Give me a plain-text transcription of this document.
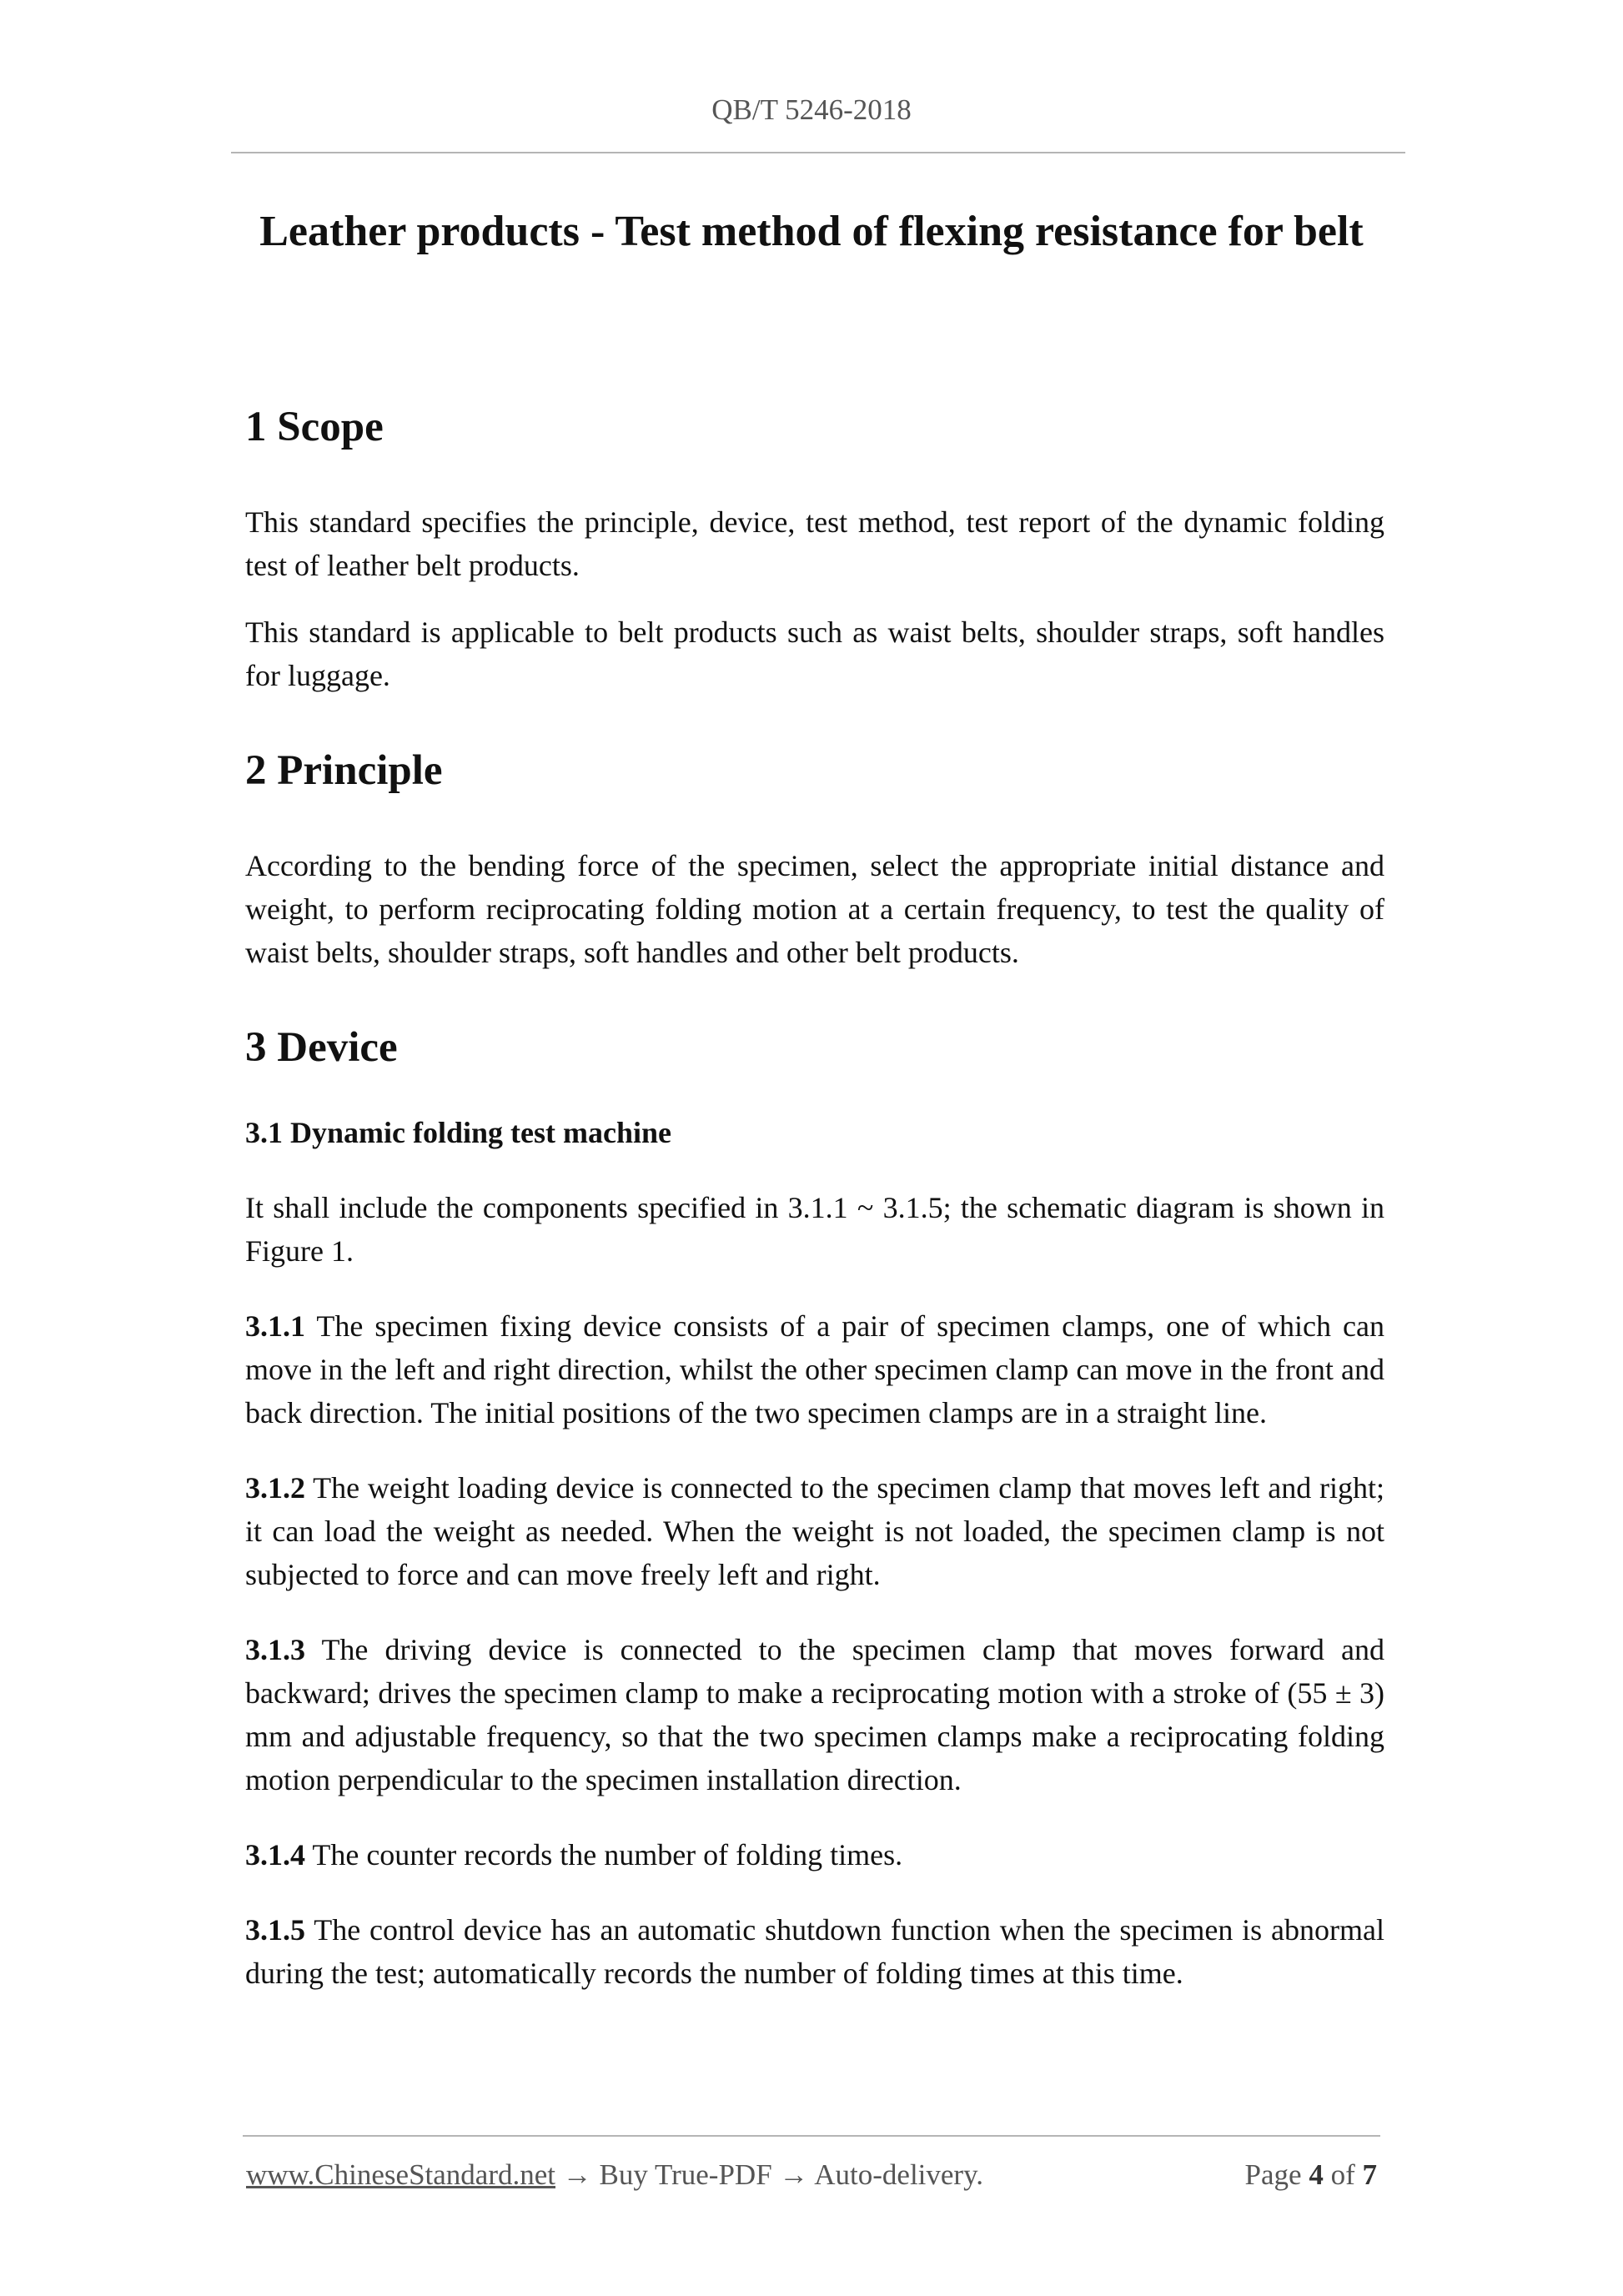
QB/T 5246-2018
Leather products - Test method of flexing resistance for belt
1 Scope

This standard specifies the principle, device, test method, test report of the dynamic folding test of leather belt products.

This standard is applicable to belt products such as waist belts, shoulder straps, soft handles for luggage.

2 Principle

According to the bending force of the specimen, select the appropriate initial distance and weight, to perform reciprocating folding motion at a certain frequency, to test the quality of waist belts, shoulder straps, soft handles and other belt products.

3 Device
3.1 Dynamic folding test machine

It shall include the components specified in 3.1.1 ~ 3.1.5; the schematic diagram is shown in Figure 1.

3.1.1 The specimen fixing device consists of a pair of specimen clamps, one of which can move in the left and right direction, whilst the other specimen clamp can move in the front and back direction. The initial positions of the two specimen clamps are in a straight line.

3.1.2 The weight loading device is connected to the specimen clamp that moves left and right; it can load the weight as needed. When the weight is not loaded, the specimen clamp is not subjected to force and can move freely left and right.

3.1.3 The driving device is connected to the specimen clamp that moves forward and backward; drives the specimen clamp to make a reciprocating motion with a stroke of (55 ± 3) mm and adjustable frequency, so that the two specimen clamps make a reciprocating folding motion perpendicular to the specimen installation direction.

3.1.4 The counter records the number of folding times.

3.1.5 The control device has an automatic shutdown function when the specimen is abnormal during the test; automatically records the number of folding times at this time.

www.ChineseStandard.net → Buy True-PDF → Auto-delivery.	Page 4 of 7
